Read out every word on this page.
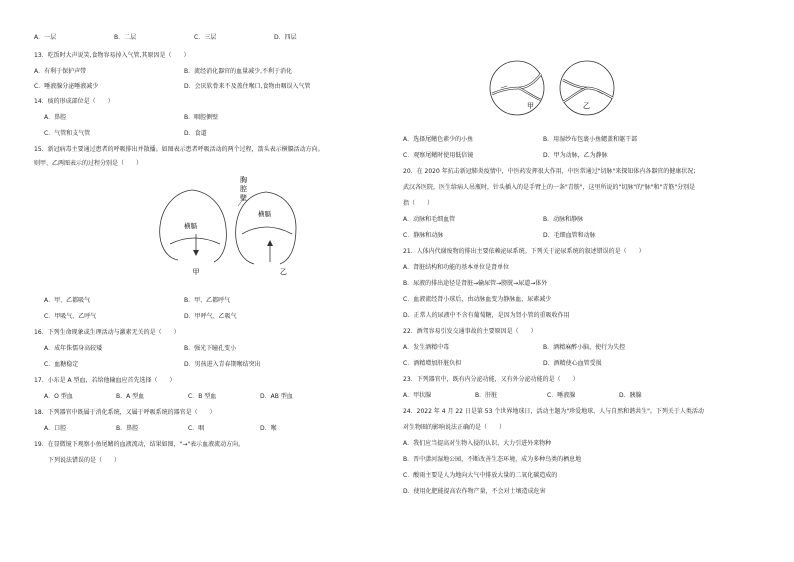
A．一层	B．二层	C．三层	D．四层
13．吃饭时大声说笑,食物容易掉入气管,其原因是（　　）
A．有利于保护声带	B．流经消化器官的血量减少,不利于消化
C．唾液腺分泌唾液减少	D．会厌软骨来不及盖住喉口,食物由咽误入气管
14．痰的形成部位是（　　）
A．鼻腔	B．咽腔侧壁
C．气管和支气管	D．食道
15．新冠病毒主要通过患者的呼吸排出并散播。如图表示患者呼吸活动的两个过程，箭头表示横膈活动方向。
则甲、乙两图表示的过程分别是（　　）
胸
腔
壁
横膈
横膈
甲	乙
A．甲、乙都吸气	B．甲、乙都呼气
C．甲吸气、乙呼气	D．甲呼气、乙吸气
16．下列生命现象或生理活动与激素无关的是（　　）
A．成年侏儒身高较矮	B．强光下瞳孔变小
C．血糖稳定	D．男孩进入青春期喉结突出
17．小东是 A 型血，若给他输血应首先选择（　　）
A．O 型血	B．A 型血	C．B 型血	D．AB 型血
18．下列器官中既属于消化系统，又属于呼吸系统的器官是（　　）
A．口腔	B．鼻腔	C．咽	D．喉
19．在显微镜下观察小鱼尾鳍的血液流动，结果如图，"→"表示血液流动方向。
下列说法错误的是（　　）
甲	乙
A．选择尾鳍色素少的小鱼	B．用湿纱布包裹小鱼鳃盖和躯干部
C．观察尾鳍时使用低倍镜	D．甲为动脉，乙为静脉
20．在 2020 年抗击新冠肺炎疫情中，中医药发挥很大作用，中医常通过"切脉"来探知体内各器官的健康状况；
武汉各医院，医生给病人吊瓶时，针头插入的是手臂上的一条"青筋"，这里所说的"切脉"的"脉"和"青筋"分别是
指（　　）
A．动脉和毛细血管	B．动脉和静脉
C．静脉和动脉	D．毛细血管和动脉
21．人体内代谢废物的排出主要依赖泌尿系统。下列关于泌尿系统的叙述错误的是（　　）
A．肾脏结构和功能的基本单位是肾单位
B．尿液的排出途径是肾脏→输尿管→膀胱→尿道→体外
C．血液流经肾小球后，由动脉血变为静脉血，尿素减少
D．正常人的尿液中不含有葡萄糖，是因为肾小管的重吸收作用
22．酒驾容易引发交通事故的主要原因是（　　）
A．发生酒精中毒	B．酒精麻醉小脑，使行为失控
C．酒精增加肝脏负担	D．酒精使心血管受损
23．下列器官中，既有内分泌功能，又有外分泌功能的是（　　）
A．甲状腺	B．肝脏	C．唾液腺	D．胰腺
24．2022 年 4 月 22 日是第 53 个世界地球日，活动主题为"珍爱地球，人与自然和谐共生"。下列关于人类活动
对生物圈的影响说法正确的是（　　）
A．我们应当提高对生物入侵的认识，大力引进外来物种
B．晋中潇河湿地公园，不断改善生态环境，成为多种鸟类的栖息地
C．酸雨主要是人为地向大气中排放大量的二氧化碳造成的
D．使用化肥能提高农作物产量，不会对土壤造成危害
